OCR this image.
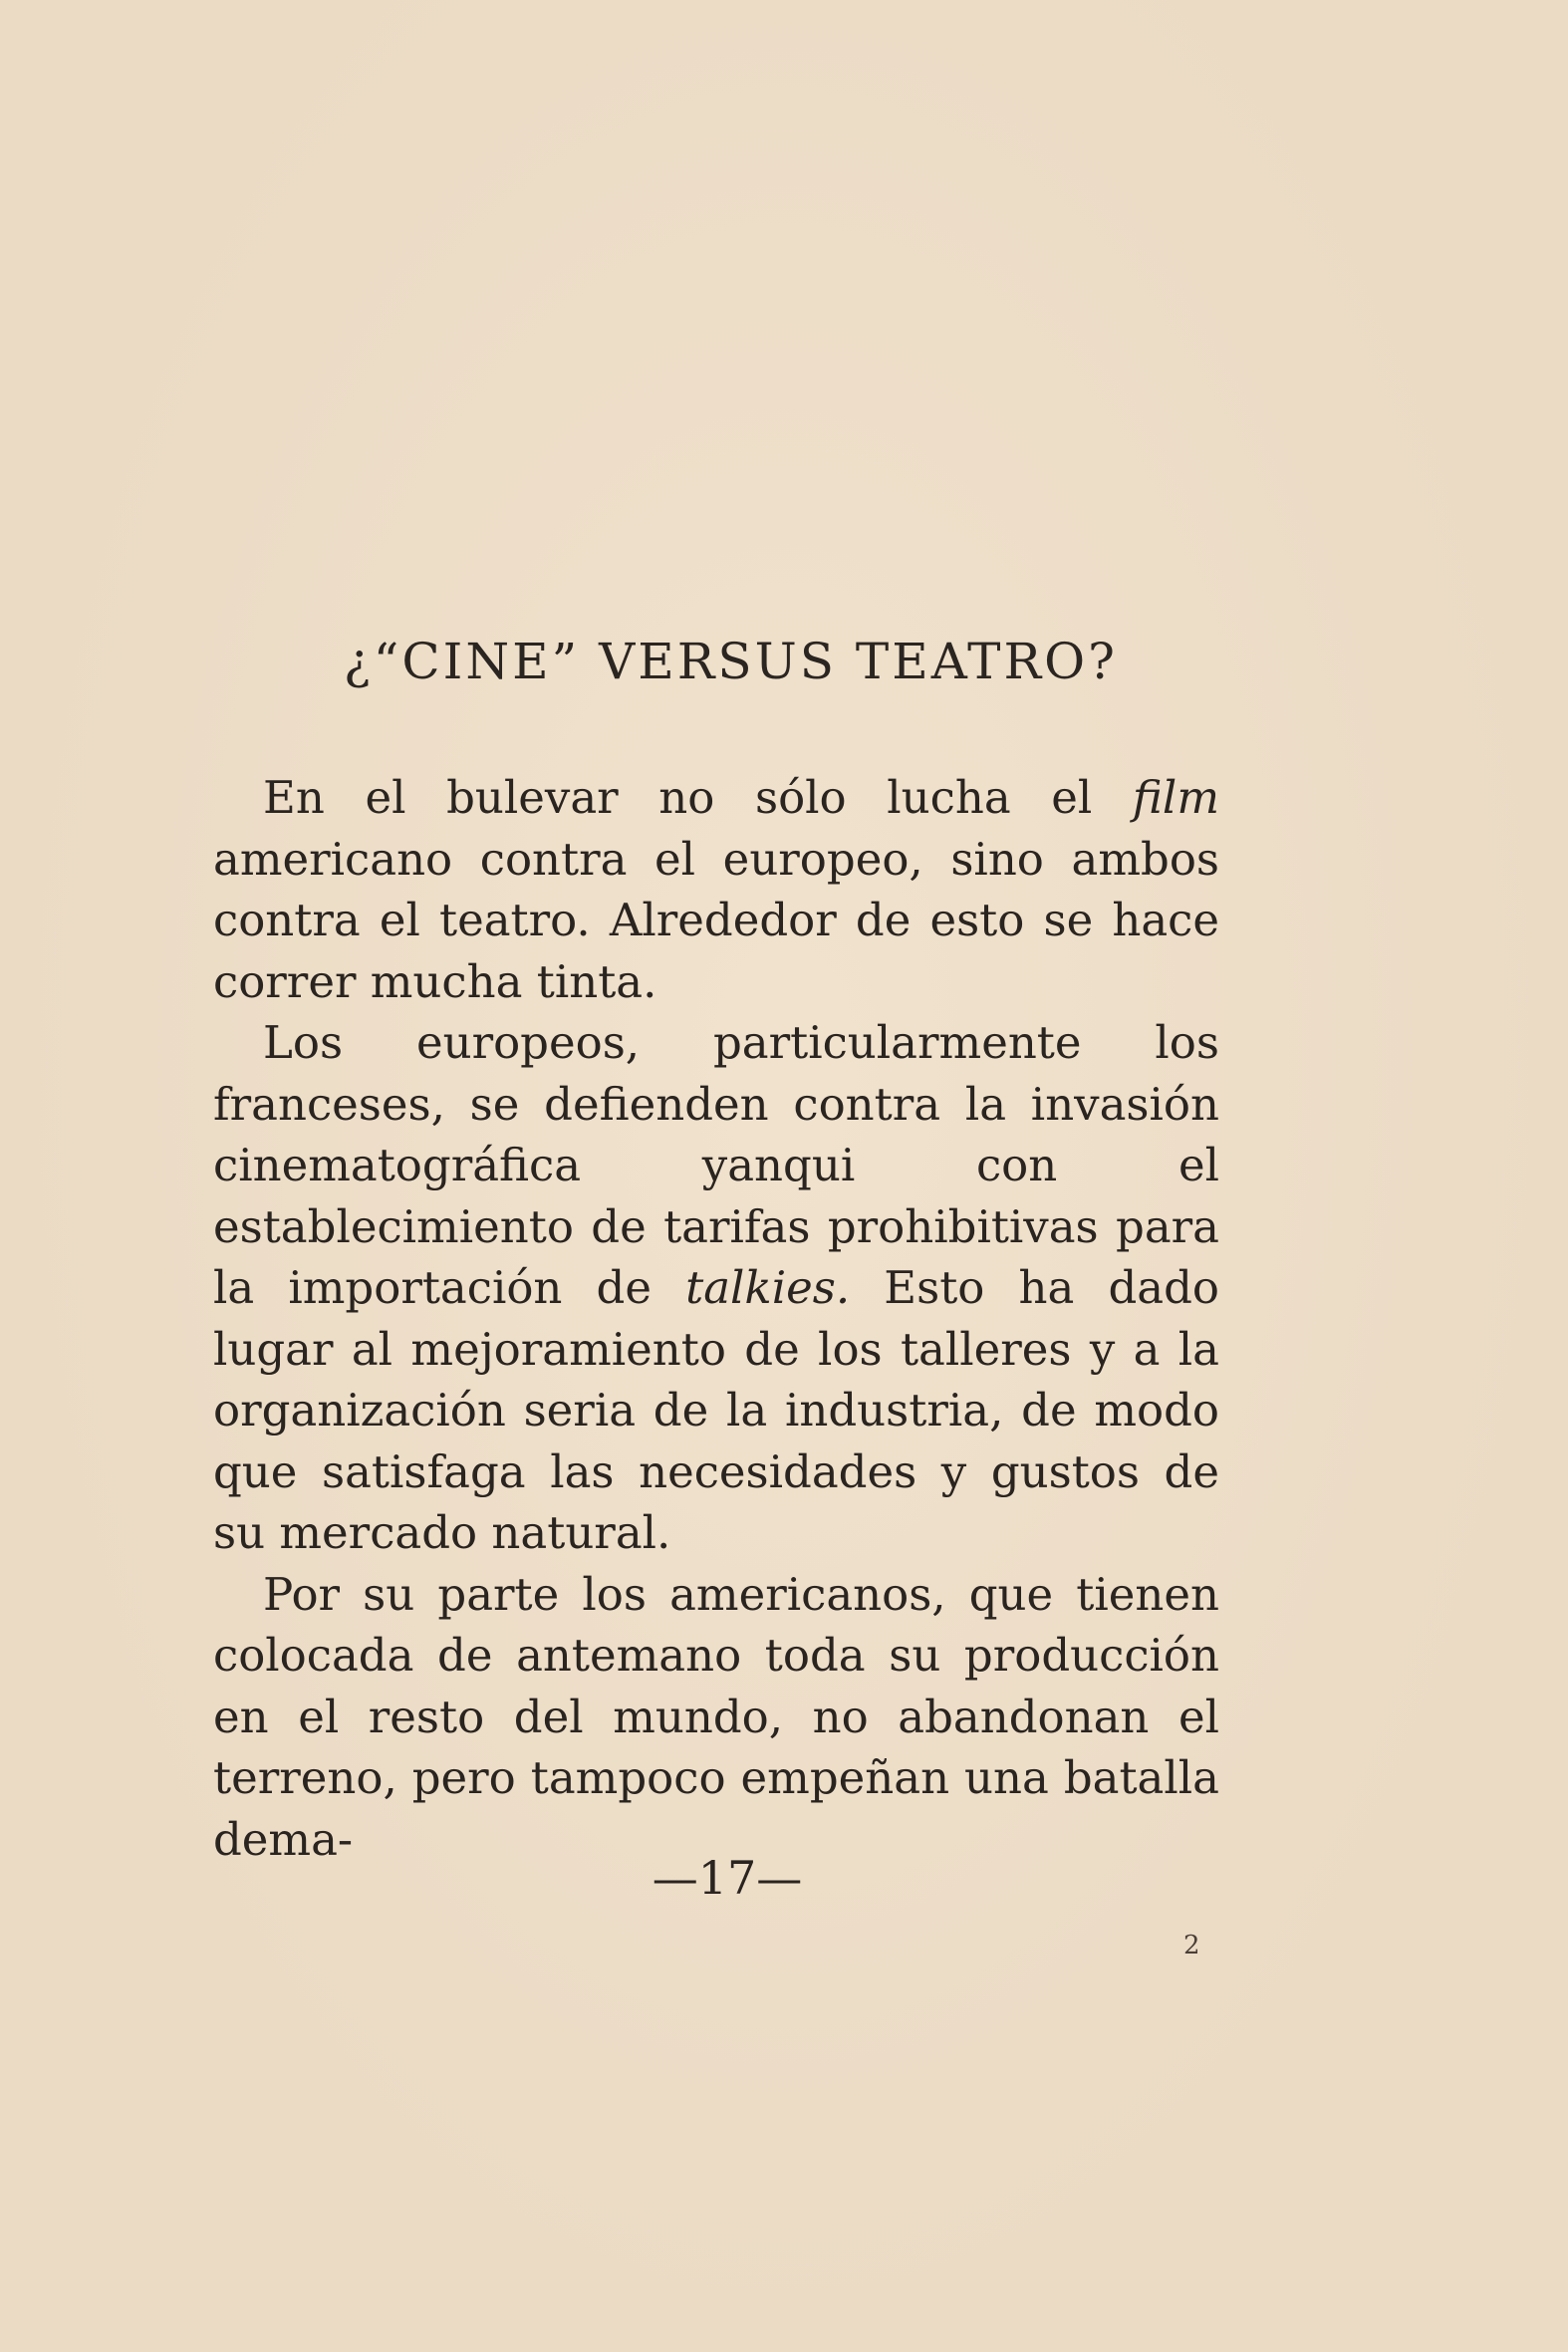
¿“CINE” VERSUS TEATRO?

En el bulevar no sólo lucha el film americano contra el europeo, sino ambos contra el teatro. Alrededor de esto se hace correr mucha tinta.

Los europeos, particularmente los franceses, se defienden contra la invasión cinematográfica yanqui con el establecimiento de tarifas prohibitivas para la importación de talkies. Esto ha dado lugar al mejoramiento de los talleres y a la organización seria de la industria, de modo que satisfaga las necesidades y gustos de su mercado natural.

Por su parte los americanos, que tienen colocada de antemano toda su producción en el resto del mundo, no abandonan el terreno, pero tampoco empeñan una batalla dema-

—17—
2
